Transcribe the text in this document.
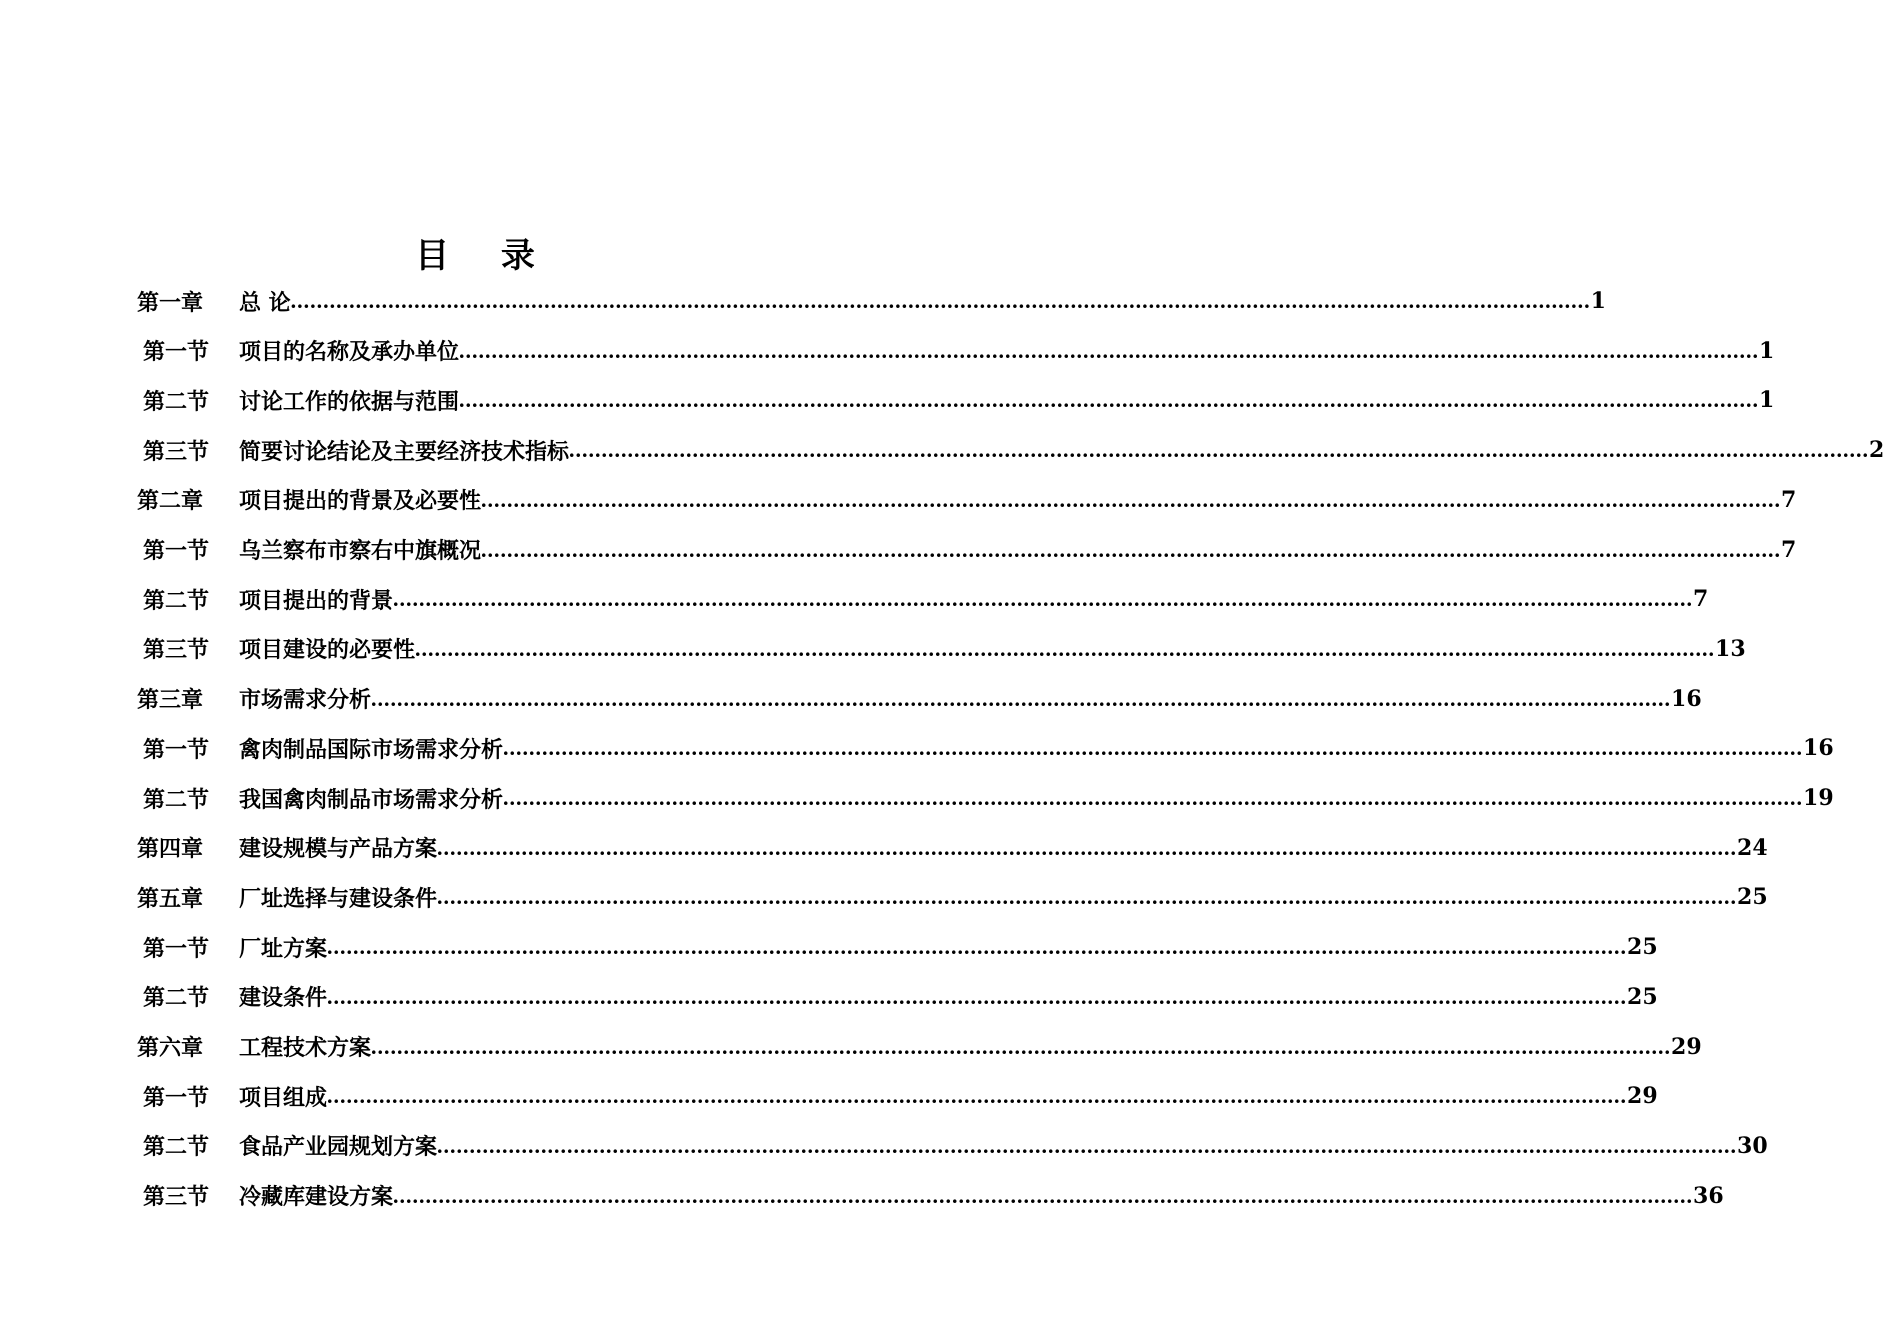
目 录
第一章	总 论 ........................................................................................................................................................................................................ 1
第一节	项目的名称及承办单位 ........................................................................................................................................................................................................ 1
第二节	讨论工作的依据与范围 ........................................................................................................................................................................................................ 1
第三节	简要讨论结论及主要经济技术指标 ........................................................................................................................................................................................................ 2
第二章	项目提出的背景及必要性 ........................................................................................................................................................................................................ 7
第一节	乌兰察布市察右中旗概况 ........................................................................................................................................................................................................ 7
第二节	项目提出的背景 ........................................................................................................................................................................................................ 7
第三节	项目建设的必要性 ........................................................................................................................................................................................................ 13
第三章	市场需求分析 ........................................................................................................................................................................................................ 16
第一节	禽肉制品国际市场需求分析 ........................................................................................................................................................................................................ 16
第二节	我国禽肉制品市场需求分析 ........................................................................................................................................................................................................ 19
第四章	建设规模与产品方案 ........................................................................................................................................................................................................ 24
第五章	厂址选择与建设条件 ........................................................................................................................................................................................................ 25
第一节	厂址方案 ........................................................................................................................................................................................................ 25
第二节	建设条件 ........................................................................................................................................................................................................ 25
第六章	工程技术方案 ........................................................................................................................................................................................................ 29
第一节	项目组成 ........................................................................................................................................................................................................ 29
第二节	食品产业园规划方案 ........................................................................................................................................................................................................ 30
第三节	冷藏库建设方案 ........................................................................................................................................................................................................ 36
